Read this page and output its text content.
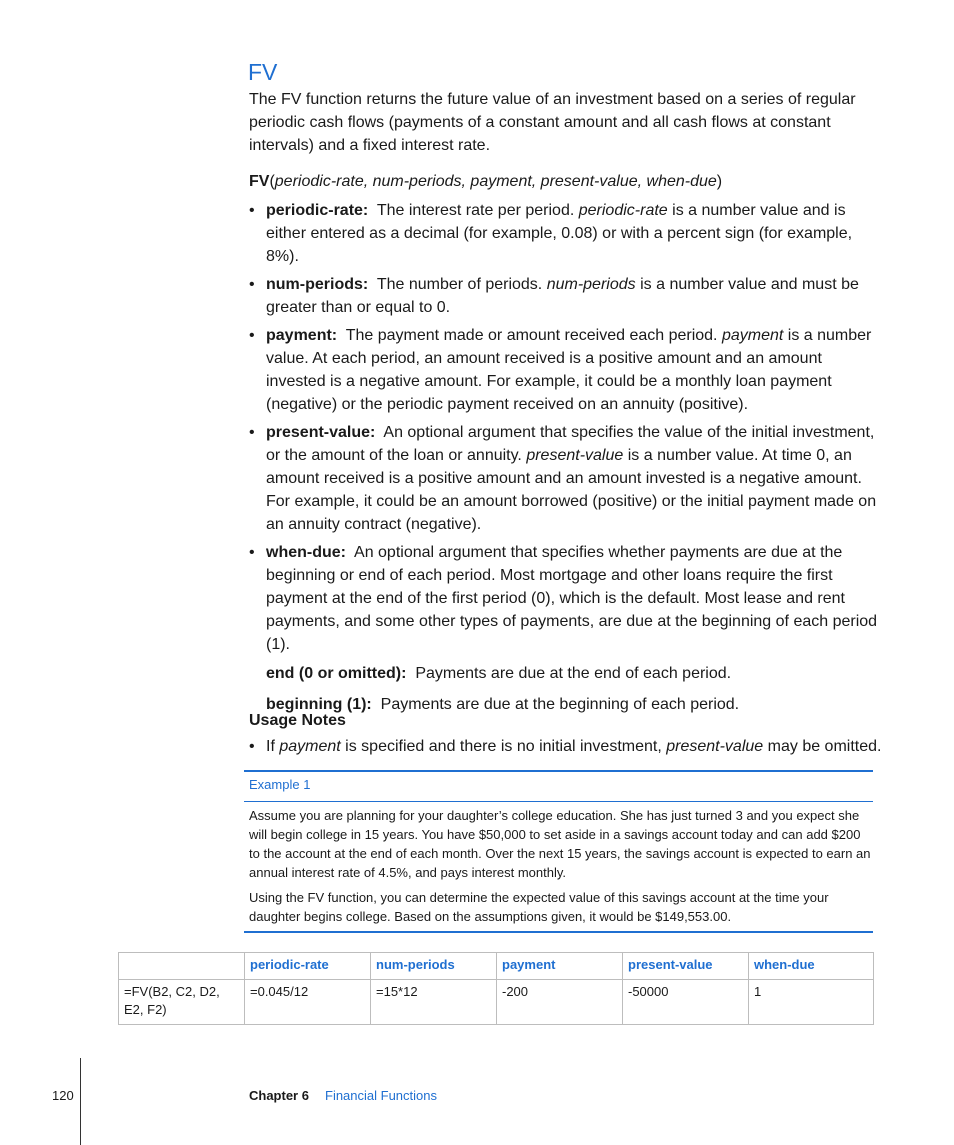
FV
The FV function returns the future value of an investment based on a series of regular periodic cash flows (payments of a constant amount and all cash flows at constant intervals) and a fixed interest rate.
FV(periodic-rate, num-periods, payment, present-value, when-due)
• periodic-rate: The interest rate per period. periodic-rate is a number value and is either entered as a decimal (for example, 0.08) or with a percent sign (for example, 8%).
• num-periods: The number of periods. num-periods is a number value and must be greater than or equal to 0.
• payment: The payment made or amount received each period. payment is a number value. At each period, an amount received is a positive amount and an amount invested is a negative amount. For example, it could be a monthly loan payment (negative) or the periodic payment received on an annuity (positive).
• present-value: An optional argument that specifies the value of the initial investment, or the amount of the loan or annuity. present-value is a number value. At time 0, an amount received is a positive amount and an amount invested is a negative amount. For example, it could be an amount borrowed (positive) or the initial payment made on an annuity contract (negative).
• when-due: An optional argument that specifies whether payments are due at the beginning or end of each period. Most mortgage and other loans require the first payment at the end of the first period (0), which is the default. Most lease and rent payments, and some other types of payments, are due at the beginning of each period (1).
end (0 or omitted): Payments are due at the end of each period.
beginning (1): Payments are due at the beginning of each period.
Usage Notes
• If payment is specified and there is no initial investment, present-value may be omitted.
Example 1
Assume you are planning for your daughter’s college education. She has just turned 3 and you expect she will begin college in 15 years. You have $50,000 to set aside in a savings account today and can add $200 to the account at the end of each month. Over the next 15 years, the savings account is expected to earn an annual interest rate of 4.5%, and pays interest monthly.
Using the FV function, you can determine the expected value of this savings account at the time your daughter begins college. Based on the assumptions given, it would be $149,553.00.
	periodic-rate	num-periods	payment	present-value	when-due
=FV(B2, C2, D2, E2, F2)	=0.045/12	=15*12	-200	-50000	1
120	Chapter 6 Financial Functions
